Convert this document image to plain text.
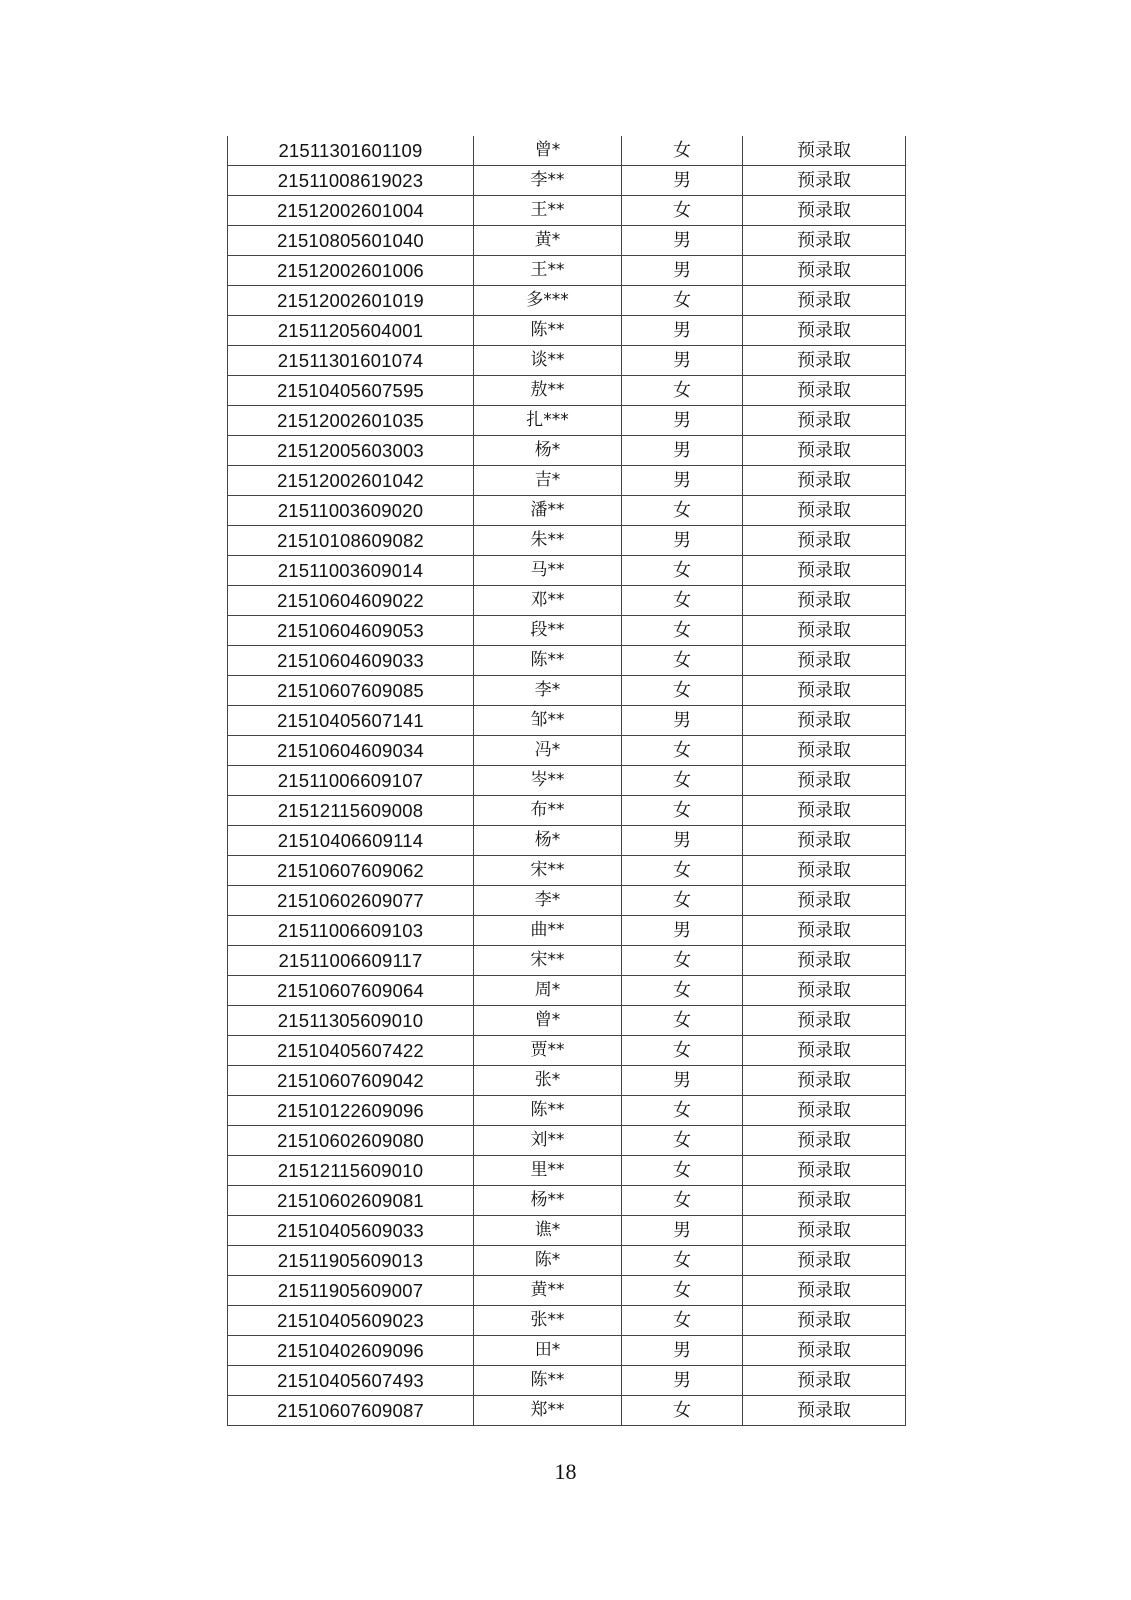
21511301601109	曾*	女	预录取
21511008619023	李**	男	预录取
21512002601004	王**	女	预录取
21510805601040	黄*	男	预录取
21512002601006	王**	男	预录取
21512002601019	多***	女	预录取
21511205604001	陈**	男	预录取
21511301601074	谈**	男	预录取
21510405607595	敖**	女	预录取
21512002601035	扎***	男	预录取
21512005603003	杨*	男	预录取
21512002601042	吉*	男	预录取
21511003609020	潘**	女	预录取
21510108609082	朱**	男	预录取
21511003609014	马**	女	预录取
21510604609022	邓**	女	预录取
21510604609053	段**	女	预录取
21510604609033	陈**	女	预录取
21510607609085	李*	女	预录取
21510405607141	邹**	男	预录取
21510604609034	冯*	女	预录取
21511006609107	岑**	女	预录取
21512115609008	布**	女	预录取
21510406609114	杨*	男	预录取
21510607609062	宋**	女	预录取
21510602609077	李*	女	预录取
21511006609103	曲**	男	预录取
21511006609117	宋**	女	预录取
21510607609064	周*	女	预录取
21511305609010	曾*	女	预录取
21510405607422	贾**	女	预录取
21510607609042	张*	男	预录取
21510122609096	陈**	女	预录取
21510602609080	刘**	女	预录取
21512115609010	里**	女	预录取
21510602609081	杨**	女	预录取
21510405609033	谯*	男	预录取
21511905609013	陈*	女	预录取
21511905609007	黄**	女	预录取
21510405609023	张**	女	预录取
21510402609096	田*	男	预录取
21510405607493	陈**	男	预录取
21510607609087	郑**	女	预录取
18
